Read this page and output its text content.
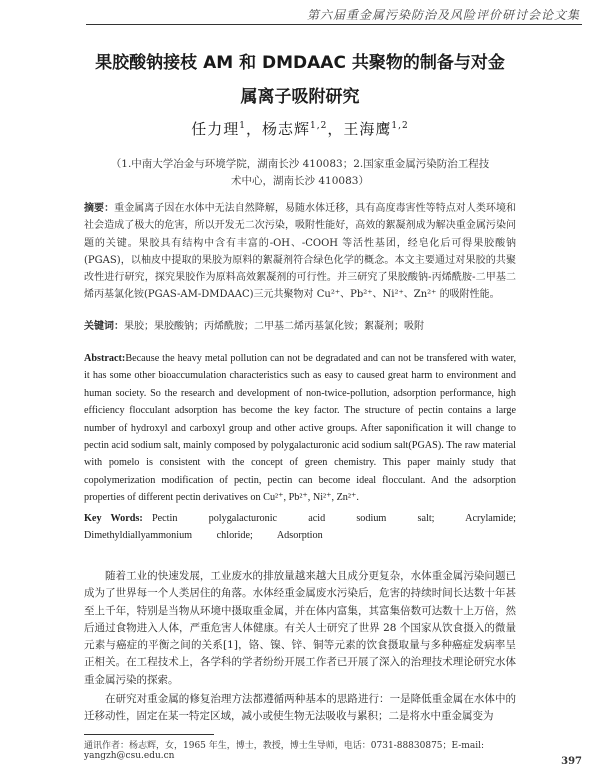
第六届重金属污染防治及风险评价研讨会论文集
果胶酸钠接枝 AM 和 DMDAAC 共聚物的制备与对金
属离子吸附研究
任力理$^1$，杨志辉$^{1,2}$，王海鹰$^{1,2}$
（1.中南大学冶金与环境学院，湖南长沙 410083；2.国家重金属污染防治工程技
术中心，湖南长沙 410083）
摘要：重金属离子因在水体中无法自然降解，易随水体迁移，具有高度毒害性等特点对人类环境和社会造成了极大的危害，所以开发无二次污染，吸附性能好，高效的絮凝剂成为解决重金属污染问题的关键。果胶具有结构中含有丰富的-OH、-COOH 等活性基团，经皂化后可得果胶酸钠(PGAS)，以柚皮中提取的果胶为原料的絮凝剂符合绿色化学的概念。本文主要通过对果胶的共聚改性进行研究，探究果胶作为原料高效絮凝剂的可行性。并三研究了果胶酸钠-丙烯酰胺-二甲基二烯丙基氯化铵(PGAS-AM-DMDAAC)三元共聚物对 Cu²⁺、Pb²⁺、Ni²⁺、Zn²⁺ 的吸附性能。
关键词：果胶；果胶酸钠；丙烯酰胺；二甲基二烯丙基氯化铵；絮凝剂；吸附
Abstract:Because the heavy metal pollution can not be degradated and can not be transfered with water, it has some other bioaccumulation characteristics such as easy to caused great harm to environment and human society. So the research and development of non-twice-pollution, adsorption performance, high efficiency flocculant adsorption has become the key factor. The structure of pectin contains a large number of hydroxyl and carboxyl group and other active groups. After saponification it will change to pectin acid sodium salt, mainly composed by polygalacturonic acid sodium salt(PGAS). The raw material with pomelo is consistent with the concept of green chemistry. This paper mainly study that copolymerization modification of pectin, pectin can become ideal flocculant. And the adsorption properties of different pectin derivatives on Cu²⁺, Pb²⁺, Ni²⁺, Zn²⁺.
Key Words: Pectin polygalacturonic acid sodium salt; Acrylamide; Dimethyldiallyammonium chloride; Adsorption

随着工业的快速发展，工业废水的排放量越来越大且成分更复杂，水体重金属污染问题已成为了世界每一个人类居住的角落。水体经重金属废水污染后，危害的持续时间长达数十年甚至上千年，特别是当物从环境中摄取重金属，并在体内富集，其富集倍数可达数十上万倍，然后通过食物进入人体，严重危害人体健康。有关人士研究了世界 28 个国家从饮食摄入的微量元素与癌症的平衡之间的关系[1]，铬、镍、锌、铜等元素的饮食摄取量与多种癌症发病率呈正相关。在工程技术上，各学科的学者纷纷开展工作者已开展了深入的治理技术理论研究水体重金属污染的探索。

在研究对重金属的修复治理方法都遵循两种基本的思路进行：一是降低重金属在水体中的迁移动性，固定在某一特定区域，减小或使生物无法吸收与累积；二是将水中重金属变为

通讯作者：杨志辉，女，1965 年生，博士，教授，博士生导师，电话：0731-88830875；E-mail: yangzh@csu.edu.cn	397
